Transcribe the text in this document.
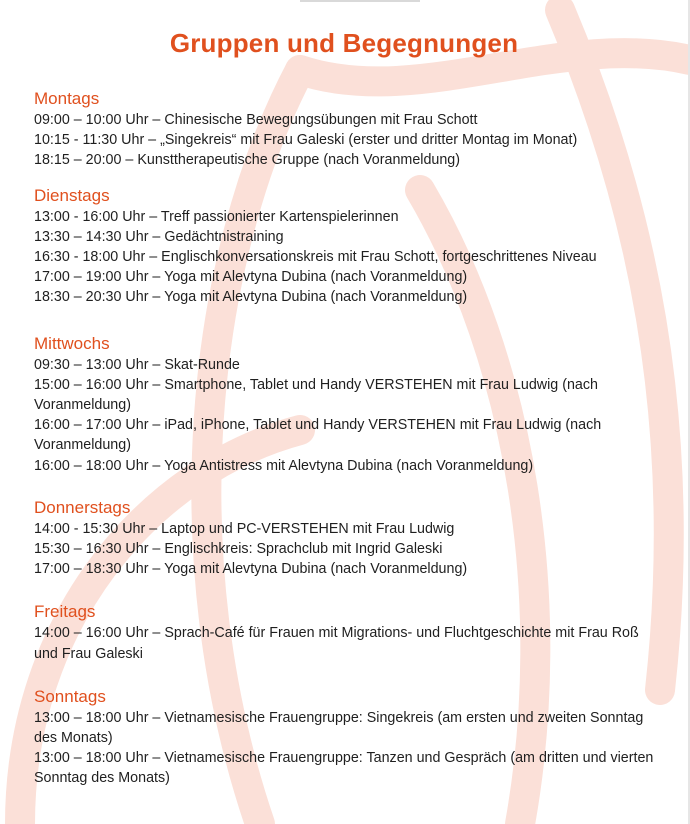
Gruppen und Begegnungen
Montags

09:00 – 10:00 Uhr – Chinesische Bewegungsübungen mit Frau Schott

10:15 - 11:30 Uhr – „Singekreis“ mit Frau Galeski (erster und dritter Montag im Monat)

18:15 – 20:00 – Kunsttherapeutische Gruppe (nach Voranmeldung)

Dienstags

13:00 - 16:00 Uhr – Treff passionierter Kartenspielerinnen

13:30 – 14:30 Uhr – Gedächtnistraining

16:30 - 18:00 Uhr – Englischkonversationskreis mit Frau Schott, fortgeschrittenes Niveau

17:00 – 19:00 Uhr – Yoga mit Alevtyna Dubina (nach Voranmeldung)

18:30 – 20:30 Uhr – Yoga mit Alevtyna Dubina (nach Voranmeldung)

Mittwochs

09:30 – 13:00 Uhr – Skat-Runde

15:00 – 16:00 Uhr – Smartphone, Tablet und Handy VERSTEHEN mit Frau Ludwig (nach Voranmeldung)

16:00 – 17:00 Uhr – iPad, iPhone, Tablet und Handy VERSTEHEN mit Frau Ludwig (nach Voranmeldung)

16:00 – 18:00 Uhr – Yoga Antistress mit Alevtyna Dubina (nach Voranmeldung)

Donnerstags

14:00 - 15:30 Uhr – Laptop und PC-VERSTEHEN mit Frau Ludwig

15:30 – 16:30 Uhr – Englischkreis: Sprachclub mit Ingrid Galeski

17:00 – 18:30 Uhr – Yoga mit Alevtyna Dubina (nach Voranmeldung)

Freitags

14:00 – 16:00 Uhr – Sprach-Café für Frauen mit Migrations- und Fluchtgeschichte mit Frau Roß und Frau Galeski

Sonntags

13:00 – 18:00 Uhr – Vietnamesische Frauengruppe: Singekreis (am ersten und zweiten Sonntag des Monats)

13:00 – 18:00 Uhr – Vietnamesische Frauengruppe: Tanzen und Gespräch (am dritten und vierten Sonntag des Monats)
